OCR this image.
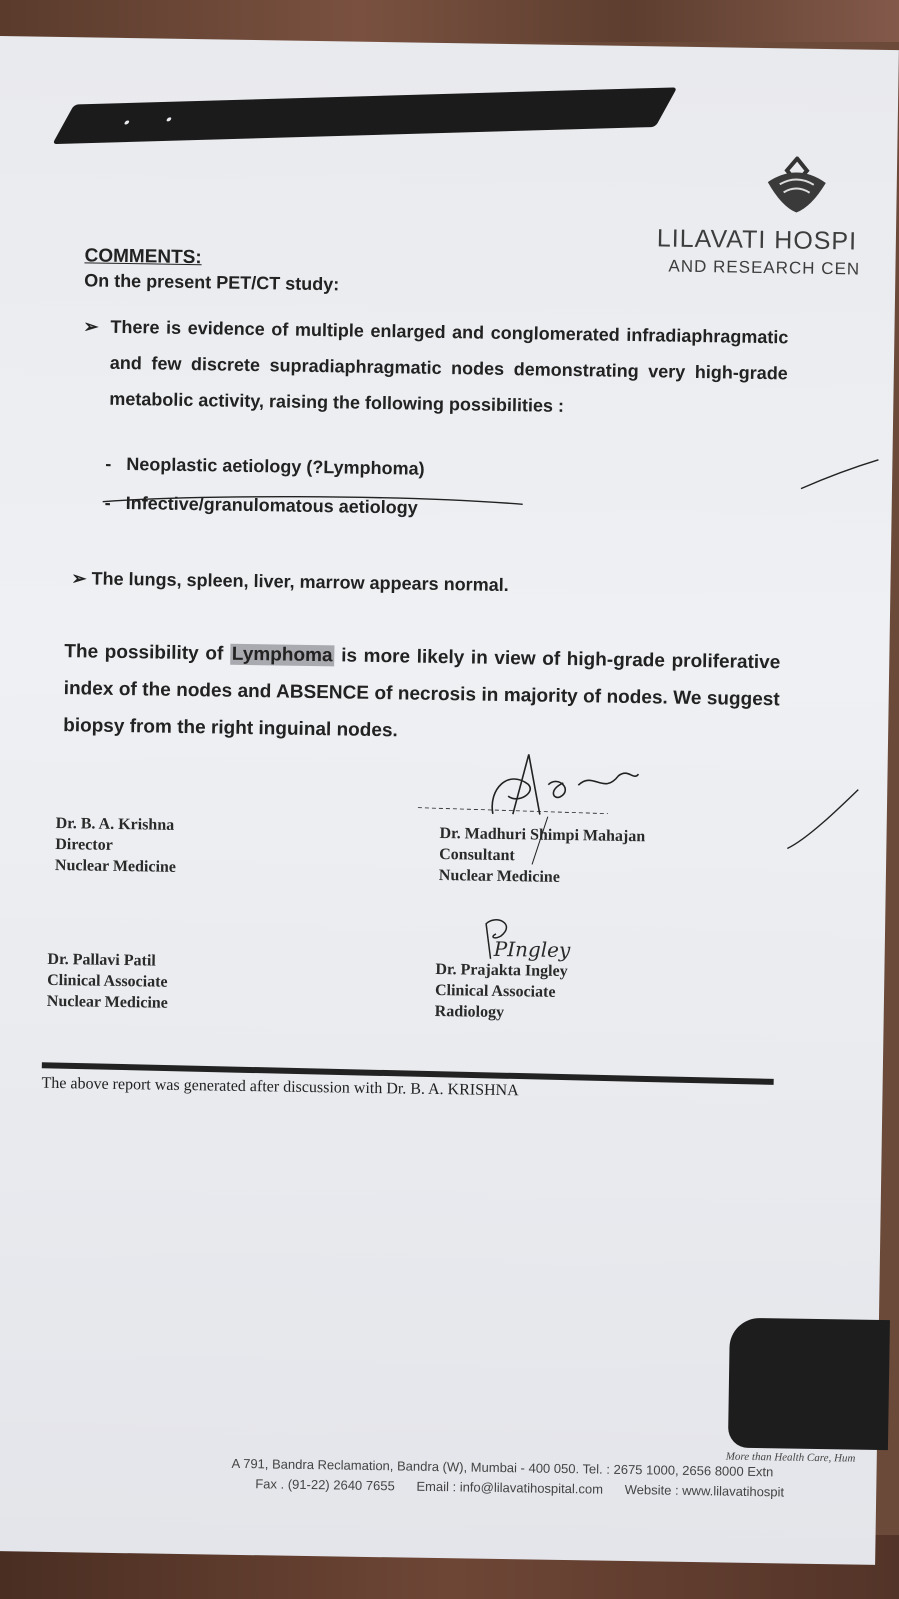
LILAVATI HOSPI
AND RESEARCH CEN
COMMENTS:
On the present PET/CT study:
➢ There is evidence of multiple enlarged and conglomerated infradiaphragmatic and few discrete supradiaphragmatic nodes demonstrating very high-grade metabolic activity, raising the following possibilities :
-   Neoplastic aetiology (?Lymphoma)
-   Infective/granulomatous aetiology
➢ The lungs, spleen, liver, marrow appears normal.
The possibility of Lymphoma is more likely in view of high-grade proliferative index of the nodes and ABSENCE of necrosis in majority of nodes. We suggest biopsy from the right inguinal nodes.
Dr. B. A. Krishna
Director
Nuclear Medicine
Dr. Madhuri Shimpi Mahajan
Consultant
Nuclear Medicine
Dr. Pallavi Patil
Clinical Associate
Nuclear Medicine
Dr. Prajakta Ingley
Clinical Associate
Radiology
PIngley
The above report was generated after discussion with Dr. B. A. KRISHNA
More than Health Care, Hum
A 791, Bandra Reclamation, Bandra (W), Mumbai - 400 050. Tel. : 2675 1000, 2656 8000 Extn
Fax . (91-22) 2640 7655 Email : info@lilavatihospital.com Website : www.lilavatihospit
